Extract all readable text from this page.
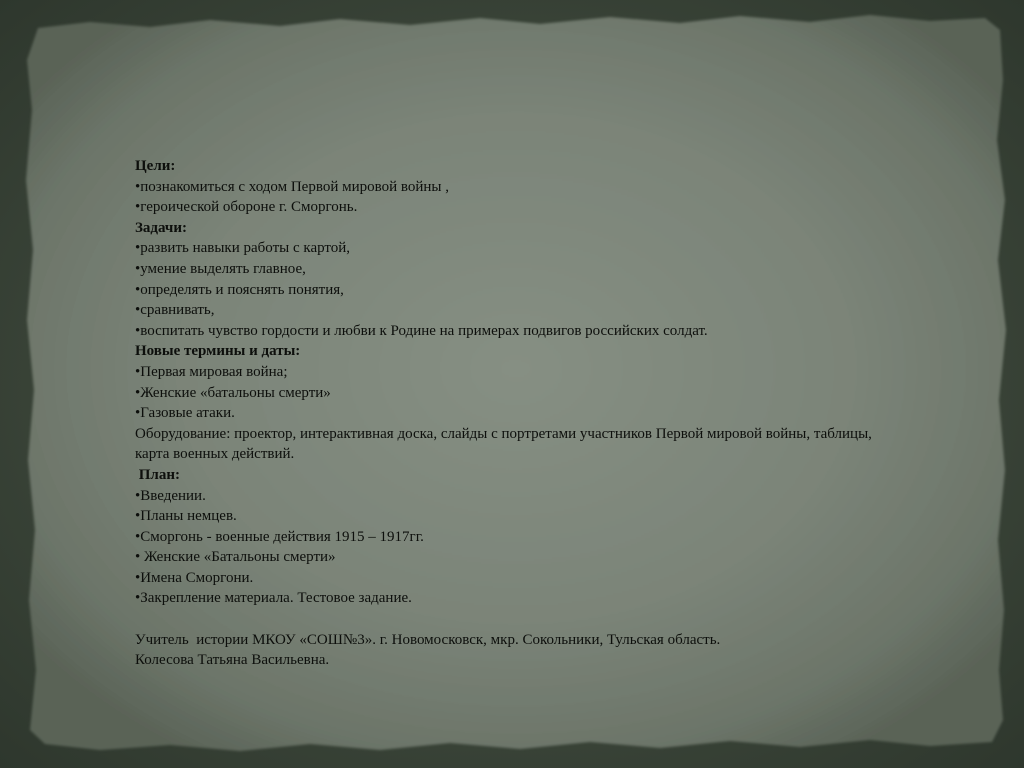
Цели:
•познакомиться с ходом Первой мировой войны ,
•героической обороне г. Сморгонь.
Задачи:
•развить навыки работы с картой,
•умение выделять главное,
•определять и пояснять понятия,
•сравнивать,
•воспитать чувство гордости и любви к Родине на примерах подвигов российских солдат.
Новые термины и даты:
•Первая мировая война;
•Женские «батальоны смерти»
•Газовые атаки.
Оборудование: проектор, интерактивная доска, слайды с портретами участников Первой мировой войны, таблицы, карта военных действий.
План:
•Введении.
•Планы немцев.
•Сморгонь - военные действия 1915 – 1917гг.
• Женские «Батальоны смерти»
•Имена Сморгони.
•Закрепление материала. Тестовое задание.
Учитель  истории МКОУ «СОШ№3». г. Новомосковск, мкр. Сокольники, Тульская область.
Колесова Татьяна Васильевна.
